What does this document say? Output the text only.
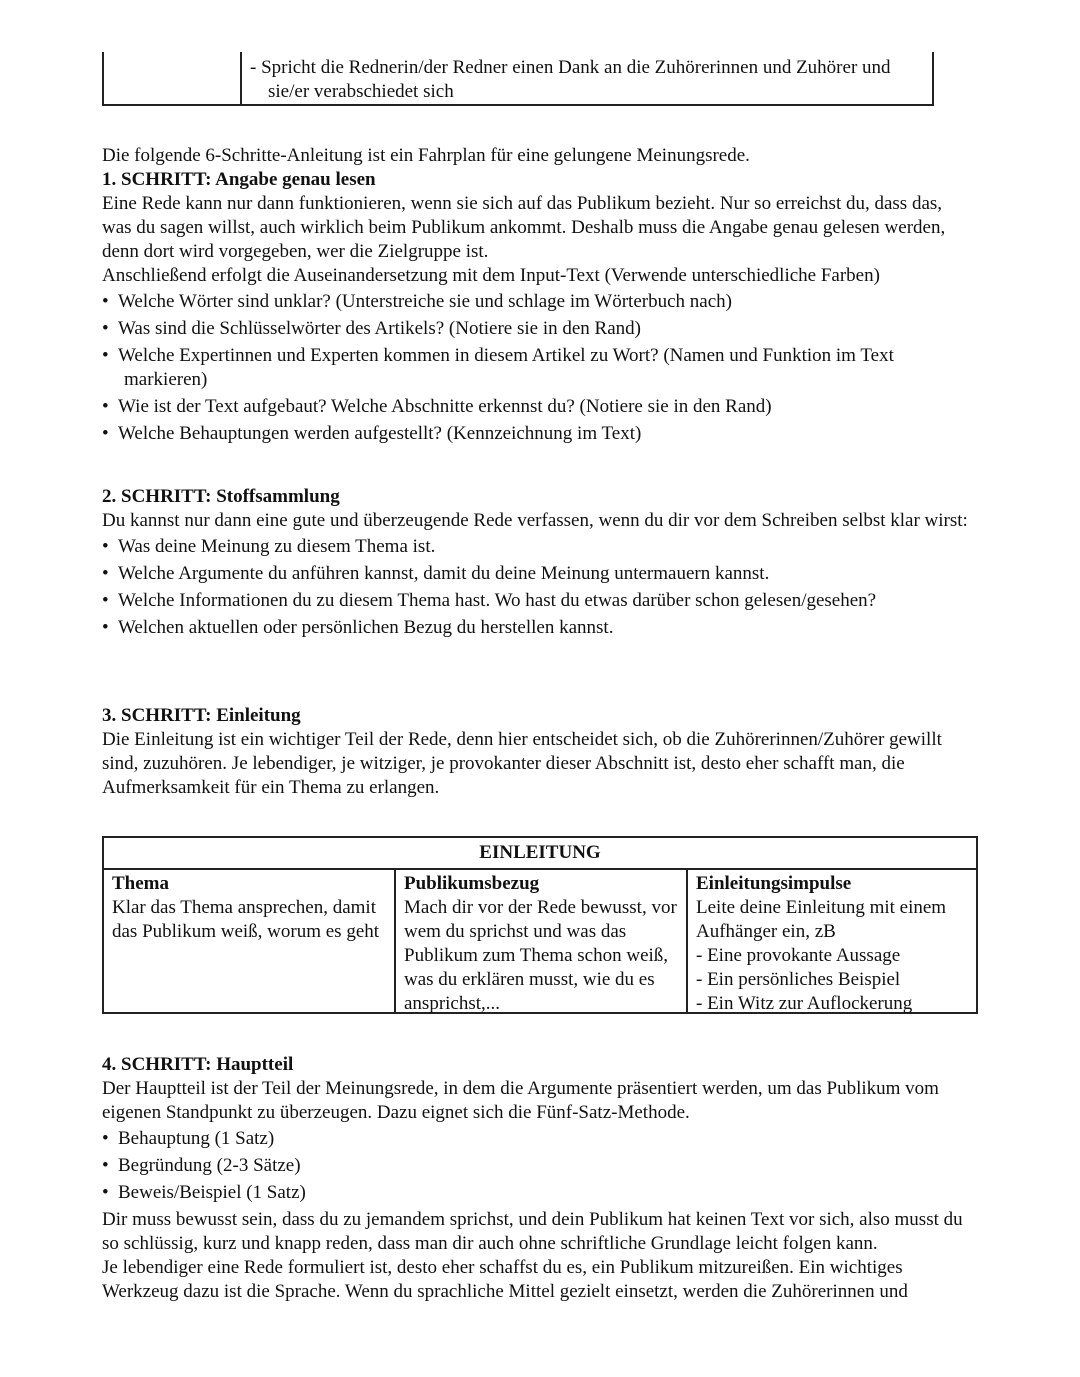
- Spricht die Rednerin/der Redner einen Dank an die Zuhörerinnen und Zuhörer und
sie/er verabschiedet sich

Die folgende 6-Schritte-Anleitung ist ein Fahrplan für eine gelungene Meinungsrede.

1. SCHRITT: Angabe genau lesen

Eine Rede kann nur dann funktionieren, wenn sie sich auf das Publikum bezieht. Nur so erreichst du, dass das, was du sagen willst, auch wirklich beim Publikum ankommt. Deshalb muss die Angabe genau gelesen werden, denn dort wird vorgegeben, wer die Zielgruppe ist.

Anschließend erfolgt die Auseinandersetzung mit dem Input-Text (Verwende unterschiedliche Farben)

• Welche Wörter sind unklar? (Unterstreiche sie und schlage im Wörterbuch nach)
• Was sind die Schlüsselwörter des Artikels? (Notiere sie in den Rand)
• Welche Expertinnen und Experten kommen in diesem Artikel zu Wort? (Namen und Funktion im Text
markieren)
• Wie ist der Text aufgebaut? Welche Abschnitte erkennst du? (Notiere sie in den Rand)
• Welche Behauptungen werden aufgestellt? (Kennzeichnung im Text)

2. SCHRITT: Stoffsammlung

Du kannst nur dann eine gute und überzeugende Rede verfassen, wenn du dir vor dem Schreiben selbst klar wirst:

• Was deine Meinung zu diesem Thema ist.
• Welche Argumente du anführen kannst, damit du deine Meinung untermauern kannst.
• Welche Informationen du zu diesem Thema hast. Wo hast du etwas darüber schon gelesen/gesehen?
• Welchen aktuellen oder persönlichen Bezug du herstellen kannst.

3. SCHRITT: Einleitung

Die Einleitung ist ein wichtiger Teil der Rede, denn hier entscheidet sich, ob die Zuhörerinnen/Zuhörer gewillt sind, zuzuhören. Je lebendiger, je witziger, je provokanter dieser Abschnitt ist, desto eher schafft man, die Aufmerksamkeit für ein Thema zu erlangen.

EINLEITUNG
Thema
Klar das Thema ansprechen, damit das Publikum weiß, worum es geht
Publikumsbezug
Mach dir vor der Rede bewusst, vor wem du sprichst und was das Publikum zum Thema schon weiß, was du erklären musst, wie du es ansprichst,...
Einleitungsimpulse
Leite deine Einleitung mit einem Aufhänger ein, zB
- Eine provokante Aussage
- Ein persönliches Beispiel
- Ein Witz zur Auflockerung

4. SCHRITT: Hauptteil

Der Hauptteil ist der Teil der Meinungsrede, in dem die Argumente präsentiert werden, um das Publikum vom eigenen Standpunkt zu überzeugen. Dazu eignet sich die Fünf-Satz-Methode.

• Behauptung (1 Satz)
• Begründung (2-3 Sätze)
• Beweis/Beispiel (1 Satz)

Dir muss bewusst sein, dass du zu jemandem sprichst, und dein Publikum hat keinen Text vor sich, also musst du so schlüssig, kurz und knapp reden, dass man dir auch ohne schriftliche Grundlage leicht folgen kann.

Je lebendiger eine Rede formuliert ist, desto eher schaffst du es, ein Publikum mitzureißen. Ein wichtiges Werkzeug dazu ist die Sprache. Wenn du sprachliche Mittel gezielt einsetzt, werden die Zuhörerinnen und
